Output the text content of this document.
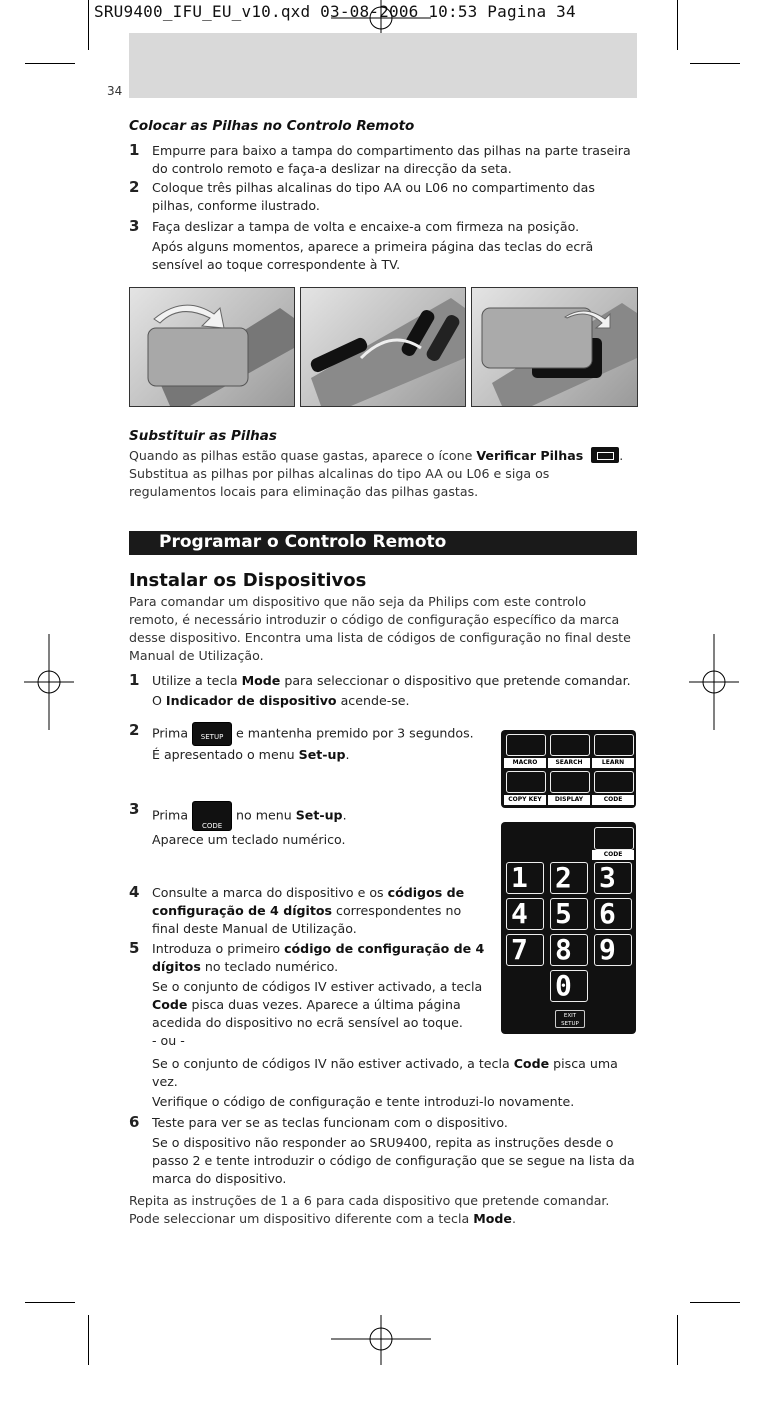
SRU9400_IFU_EU_v10.qxd 03-08-2006 10:53 Pagina 34
34
Colocar as Pilhas no Controlo Remoto
1 Empurre para baixo a tampa do compartimento das pilhas na parte traseira do controlo remoto e faça-a deslizar na direcção da seta.
2 Coloque três pilhas alcalinas do tipo AA ou L06 no compartimento das pilhas, conforme ilustrado.
3 Faça deslizar a tampa de volta e encaixe-a com firmeza na posição.
Após alguns momentos, aparece a primeira página das teclas do ecrã sensível ao toque correspondente à TV.
Substituir as Pilhas
Quando as pilhas estão quase gastas, aparece o ícone Verificar Pilhas	.
Substitua as pilhas por pilhas alcalinas do tipo AA ou L06 e siga os regulamentos locais para eliminação das pilhas gastas.
Programar o Controlo Remoto
Instalar os Dispositivos
Para comandar um dispositivo que não seja da Philips com este controlo remoto, é necessário introduzir o código de configuração específico da marca desse dispositivo. Encontra uma lista de códigos de configuração no final deste Manual de Utilização.
1 Utilize a tecla Mode para seleccionar o dispositivo que pretende comandar.
O Indicador de dispositivo acende-se.
2 Prima SETUP e mantenha premido por 3 segundos.
É apresentado o menu Set-up.
3 Prima CODE no menu Set-up.
Aparece um teclado numérico.
4 Consulte a marca do dispositivo e os códigos de configuração de 4 dígitos correspondentes no final deste Manual de Utilização.
5 Introduza o primeiro código de configuração de 4 dígitos no teclado numérico.
Se o conjunto de códigos IV estiver activado, a tecla Code pisca duas vezes. Aparece a última página acedida do dispositivo no ecrã sensível ao toque.
- ou -
Se o conjunto de códigos IV não estiver activado, a tecla Code pisca uma vez.
Verifique o código de configuração e tente introduzi-lo novamente.
6 Teste para ver se as teclas funcionam com o dispositivo.
Se o dispositivo não responder ao SRU9400, repita as instruções desde o passo 2 e tente introduzir o código de configuração que se segue na lista da marca do dispositivo.
Repita as instruções de 1 a 6 para cada dispositivo que pretende comandar. Pode seleccionar um dispositivo diferente com a tecla Mode.
MACRO	SEARCH	LEARN
COPY KEY	DISPLAY	CODE
CODE
1 2 3
4 5 6
7 8 9
0
EXIT SETUP
